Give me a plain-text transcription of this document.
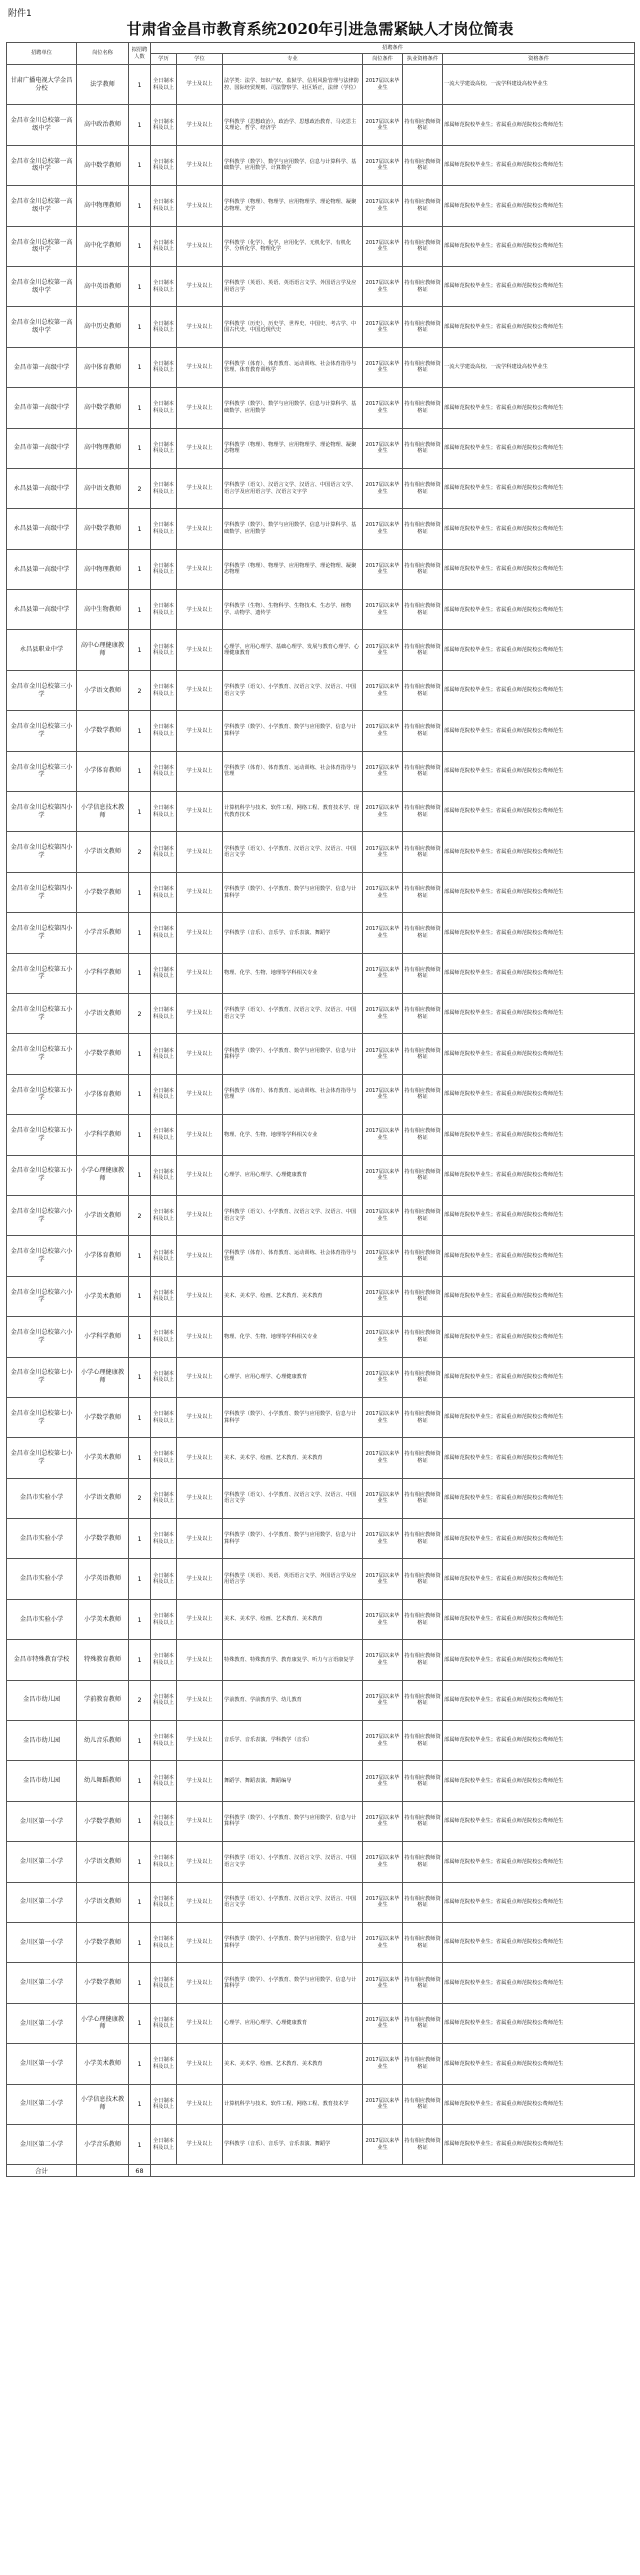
附件1
甘肃省金昌市教育系统2020年引进急需紧缺人才岗位简表
招聘单位	岗位名称	拟招聘人数	招聘条件					
			学历	学位	专业	岗位条件	执业资格条件	资格条件
甘肃广播电视大学金昌分校	法学教师	1	全日制本科及以上	学士及以上	法学类：法学、知识产权、监狱学、信用风险管理与法律防控、国际经贸规则、司法警察学、社区矫正，法律（学位）	2017届以来毕业生		一流大学建设高校、一流学科建设高校毕业生
金昌市金川总校第一高级中学	高中政治教师	1	全日制本科及以上	学士及以上	学科教学（思想政治）、政治学、思想政治教育、马克思主义理论、哲学、经济学	2017届以来毕业生	持有相应教师资格证	部属师范院校毕业生；省属重点师范院校公费师范生
金昌市金川总校第一高级中学	高中数学教师	1	全日制本科及以上	学士及以上	学科教学（数学）、数学与应用数学、信息与计算科学、基础数学、应用数学、计算数学	2017届以来毕业生	持有相应教师资格证	部属师范院校毕业生；省属重点师范院校公费师范生
金昌市金川总校第一高级中学	高中物理教师	1	全日制本科及以上	学士及以上	学科教学（物理）、物理学、应用物理学、理论物理、凝聚态物理、光学	2017届以来毕业生	持有相应教师资格证	部属师范院校毕业生；省属重点师范院校公费师范生
金昌市金川总校第一高级中学	高中化学教师	1	全日制本科及以上	学士及以上	学科教学（化学）、化学、应用化学、无机化学、有机化学、分析化学、物理化学	2017届以来毕业生	持有相应教师资格证	部属师范院校毕业生；省属重点师范院校公费师范生
金昌市金川总校第一高级中学	高中英语教师	1	全日制本科及以上	学士及以上	学科教学（英语）、英语、英语语言文学、外国语言学及应用语言学	2017届以来毕业生	持有相应教师资格证	部属师范院校毕业生；省属重点师范院校公费师范生
金昌市金川总校第一高级中学	高中历史教师	1	全日制本科及以上	学士及以上	学科教学（历史）、历史学、世界史、中国史、考古学、中国古代史、中国近现代史	2017届以来毕业生	持有相应教师资格证	部属师范院校毕业生；省属重点师范院校公费师范生
金昌市第一高级中学	高中体育教师	1	全日制本科及以上	学士及以上	学科教学（体育）、体育教育、运动训练、社会体育指导与管理、体育教育训练学	2017届以来毕业生	持有相应教师资格证	一流大学建设高校、一流学科建设高校毕业生
金昌市第一高级中学	高中数学教师	1	全日制本科及以上	学士及以上	学科教学（数学）、数学与应用数学、信息与计算科学、基础数学、应用数学	2017届以来毕业生	持有相应教师资格证	部属师范院校毕业生；省属重点师范院校公费师范生
金昌市第一高级中学	高中物理教师	1	全日制本科及以上	学士及以上	学科教学（物理）、物理学、应用物理学、理论物理、凝聚态物理	2017届以来毕业生	持有相应教师资格证	部属师范院校毕业生；省属重点师范院校公费师范生
永昌县第一高级中学	高中语文教师	2	全日制本科及以上	学士及以上	学科教学（语文）、汉语言文学、汉语言、中国语言文学、语言学及应用语言学、汉语言文字学	2017届以来毕业生	持有相应教师资格证	部属师范院校毕业生；省属重点师范院校公费师范生
永昌县第一高级中学	高中数学教师	1	全日制本科及以上	学士及以上	学科教学（数学）、数学与应用数学、信息与计算科学、基础数学、应用数学	2017届以来毕业生	持有相应教师资格证	部属师范院校毕业生；省属重点师范院校公费师范生
永昌县第一高级中学	高中物理教师	1	全日制本科及以上	学士及以上	学科教学（物理）、物理学、应用物理学、理论物理、凝聚态物理	2017届以来毕业生	持有相应教师资格证	部属师范院校毕业生；省属重点师范院校公费师范生
永昌县第一高级中学	高中生物教师	1	全日制本科及以上	学士及以上	学科教学（生物）、生物科学、生物技术、生态学、植物学、动物学、遗传学	2017届以来毕业生	持有相应教师资格证	部属师范院校毕业生；省属重点师范院校公费师范生
永昌县职业中学	高中心理健康教师	1	全日制本科及以上	学士及以上	心理学、应用心理学、基础心理学、发展与教育心理学、心理健康教育	2017届以来毕业生	持有相应教师资格证	部属师范院校毕业生；省属重点师范院校公费师范生
金昌市金川总校第三小学	小学语文教师	2	全日制本科及以上	学士及以上	学科教学（语文）、小学教育、汉语言文学、汉语言、中国语言文学	2017届以来毕业生	持有相应教师资格证	部属师范院校毕业生；省属重点师范院校公费师范生
金昌市金川总校第三小学	小学数学教师	1	全日制本科及以上	学士及以上	学科教学（数学）、小学教育、数学与应用数学、信息与计算科学	2017届以来毕业生	持有相应教师资格证	部属师范院校毕业生；省属重点师范院校公费师范生
金昌市金川总校第三小学	小学体育教师	1	全日制本科及以上	学士及以上	学科教学（体育）、体育教育、运动训练、社会体育指导与管理	2017届以来毕业生	持有相应教师资格证	部属师范院校毕业生；省属重点师范院校公费师范生
金昌市金川总校第四小学	小学信息技术教师	1	全日制本科及以上	学士及以上	计算机科学与技术、软件工程、网络工程、教育技术学、现代教育技术	2017届以来毕业生	持有相应教师资格证	部属师范院校毕业生；省属重点师范院校公费师范生
金昌市金川总校第四小学	小学语文教师	2	全日制本科及以上	学士及以上	学科教学（语文）、小学教育、汉语言文学、汉语言、中国语言文学	2017届以来毕业生	持有相应教师资格证	部属师范院校毕业生；省属重点师范院校公费师范生
金昌市金川总校第四小学	小学数学教师	1	全日制本科及以上	学士及以上	学科教学（数学）、小学教育、数学与应用数学、信息与计算科学	2017届以来毕业生	持有相应教师资格证	部属师范院校毕业生；省属重点师范院校公费师范生
金昌市金川总校第四小学	小学音乐教师	1	全日制本科及以上	学士及以上	学科教学（音乐）、音乐学、音乐表演、舞蹈学	2017届以来毕业生	持有相应教师资格证	部属师范院校毕业生；省属重点师范院校公费师范生
金昌市金川总校第五小学	小学科学教师	1	全日制本科及以上	学士及以上	物理、化学、生物、地理等学科相关专业	2017届以来毕业生	持有相应教师资格证	部属师范院校毕业生；省属重点师范院校公费师范生
金昌市金川总校第五小学	小学语文教师	2	全日制本科及以上	学士及以上	学科教学（语文）、小学教育、汉语言文学、汉语言、中国语言文学	2017届以来毕业生	持有相应教师资格证	部属师范院校毕业生；省属重点师范院校公费师范生
金昌市金川总校第五小学	小学数学教师	1	全日制本科及以上	学士及以上	学科教学（数学）、小学教育、数学与应用数学、信息与计算科学	2017届以来毕业生	持有相应教师资格证	部属师范院校毕业生；省属重点师范院校公费师范生
金昌市金川总校第五小学	小学体育教师	1	全日制本科及以上	学士及以上	学科教学（体育）、体育教育、运动训练、社会体育指导与管理	2017届以来毕业生	持有相应教师资格证	部属师范院校毕业生；省属重点师范院校公费师范生
金昌市金川总校第五小学	小学科学教师	1	全日制本科及以上	学士及以上	物理、化学、生物、地理等学科相关专业	2017届以来毕业生	持有相应教师资格证	部属师范院校毕业生；省属重点师范院校公费师范生
金昌市金川总校第五小学	小学心理健康教师	1	全日制本科及以上	学士及以上	心理学、应用心理学、心理健康教育	2017届以来毕业生	持有相应教师资格证	部属师范院校毕业生；省属重点师范院校公费师范生
金昌市金川总校第六小学	小学语文教师	2	全日制本科及以上	学士及以上	学科教学（语文）、小学教育、汉语言文学、汉语言、中国语言文学	2017届以来毕业生	持有相应教师资格证	部属师范院校毕业生；省属重点师范院校公费师范生
金昌市金川总校第六小学	小学体育教师	1	全日制本科及以上	学士及以上	学科教学（体育）、体育教育、运动训练、社会体育指导与管理	2017届以来毕业生	持有相应教师资格证	部属师范院校毕业生；省属重点师范院校公费师范生
金昌市金川总校第六小学	小学美术教师	1	全日制本科及以上	学士及以上	美术、美术学、绘画、艺术教育、美术教育	2017届以来毕业生	持有相应教师资格证	部属师范院校毕业生；省属重点师范院校公费师范生
金昌市金川总校第六小学	小学科学教师	1	全日制本科及以上	学士及以上	物理、化学、生物、地理等学科相关专业	2017届以来毕业生	持有相应教师资格证	部属师范院校毕业生；省属重点师范院校公费师范生
金昌市金川总校第七小学	小学心理健康教师	1	全日制本科及以上	学士及以上	心理学、应用心理学、心理健康教育	2017届以来毕业生	持有相应教师资格证	部属师范院校毕业生；省属重点师范院校公费师范生
金昌市金川总校第七小学	小学数学教师	1	全日制本科及以上	学士及以上	学科教学（数学）、小学教育、数学与应用数学、信息与计算科学	2017届以来毕业生	持有相应教师资格证	部属师范院校毕业生；省属重点师范院校公费师范生
金昌市金川总校第七小学	小学美术教师	1	全日制本科及以上	学士及以上	美术、美术学、绘画、艺术教育、美术教育	2017届以来毕业生	持有相应教师资格证	部属师范院校毕业生；省属重点师范院校公费师范生
金昌市实验小学	小学语文教师	2	全日制本科及以上	学士及以上	学科教学（语文）、小学教育、汉语言文学、汉语言、中国语言文学	2017届以来毕业生	持有相应教师资格证	部属师范院校毕业生；省属重点师范院校公费师范生
金昌市实验小学	小学数学教师	1	全日制本科及以上	学士及以上	学科教学（数学）、小学教育、数学与应用数学、信息与计算科学	2017届以来毕业生	持有相应教师资格证	部属师范院校毕业生；省属重点师范院校公费师范生
金昌市实验小学	小学英语教师	1	全日制本科及以上	学士及以上	学科教学（英语）、英语、英语语言文学、外国语言学及应用语言学	2017届以来毕业生	持有相应教师资格证	部属师范院校毕业生；省属重点师范院校公费师范生
金昌市实验小学	小学美术教师	1	全日制本科及以上	学士及以上	美术、美术学、绘画、艺术教育、美术教育	2017届以来毕业生	持有相应教师资格证	部属师范院校毕业生；省属重点师范院校公费师范生
金昌市特殊教育学校	特殊教育教师	1	全日制本科及以上	学士及以上	特殊教育、特殊教育学、教育康复学、听力与言语康复学	2017届以来毕业生	持有相应教师资格证	部属师范院校毕业生；省属重点师范院校公费师范生
金昌市幼儿园	学前教育教师	2	全日制本科及以上	学士及以上	学前教育、学前教育学、幼儿教育	2017届以来毕业生	持有相应教师资格证	部属师范院校毕业生；省属重点师范院校公费师范生
金昌市幼儿园	幼儿音乐教师	1	全日制本科及以上	学士及以上	音乐学、音乐表演、学科教学（音乐）	2017届以来毕业生	持有相应教师资格证	部属师范院校毕业生；省属重点师范院校公费师范生
金昌市幼儿园	幼儿舞蹈教师	1	全日制本科及以上	学士及以上	舞蹈学、舞蹈表演、舞蹈编导	2017届以来毕业生	持有相应教师资格证	部属师范院校毕业生；省属重点师范院校公费师范生
金川区第一小学	小学数学教师	1	全日制本科及以上	学士及以上	学科教学（数学）、小学教育、数学与应用数学、信息与计算科学	2017届以来毕业生	持有相应教师资格证	部属师范院校毕业生；省属重点师范院校公费师范生
金川区第二小学	小学语文教师	1	全日制本科及以上	学士及以上	学科教学（语文）、小学教育、汉语言文学、汉语言、中国语言文学	2017届以来毕业生	持有相应教师资格证	部属师范院校毕业生；省属重点师范院校公费师范生
金川区第二小学	小学语文教师	1	全日制本科及以上	学士及以上	学科教学（语文）、小学教育、汉语言文学、汉语言、中国语言文学	2017届以来毕业生	持有相应教师资格证	部属师范院校毕业生；省属重点师范院校公费师范生
金川区第一小学	小学数学教师	1	全日制本科及以上	学士及以上	学科教学（数学）、小学教育、数学与应用数学、信息与计算科学	2017届以来毕业生	持有相应教师资格证	部属师范院校毕业生；省属重点师范院校公费师范生
金川区第二小学	小学数学教师	1	全日制本科及以上	学士及以上	学科教学（数学）、小学教育、数学与应用数学、信息与计算科学	2017届以来毕业生	持有相应教师资格证	部属师范院校毕业生；省属重点师范院校公费师范生
金川区第二小学	小学心理健康教师	1	全日制本科及以上	学士及以上	心理学、应用心理学、心理健康教育	2017届以来毕业生	持有相应教师资格证	部属师范院校毕业生；省属重点师范院校公费师范生
金川区第一小学	小学美术教师	1	全日制本科及以上	学士及以上	美术、美术学、绘画、艺术教育、美术教育	2017届以来毕业生	持有相应教师资格证	部属师范院校毕业生；省属重点师范院校公费师范生
金川区第二小学	小学信息技术教师	1	全日制本科及以上	学士及以上	计算机科学与技术、软件工程、网络工程、教育技术学	2017届以来毕业生	持有相应教师资格证	部属师范院校毕业生；省属重点师范院校公费师范生
金川区第二小学	小学音乐教师	1	全日制本科及以上	学士及以上	学科教学（音乐）、音乐学、音乐表演、舞蹈学	2017届以来毕业生	持有相应教师资格证	部属师范院校毕业生；省属重点师范院校公费师范生
合计		68						
